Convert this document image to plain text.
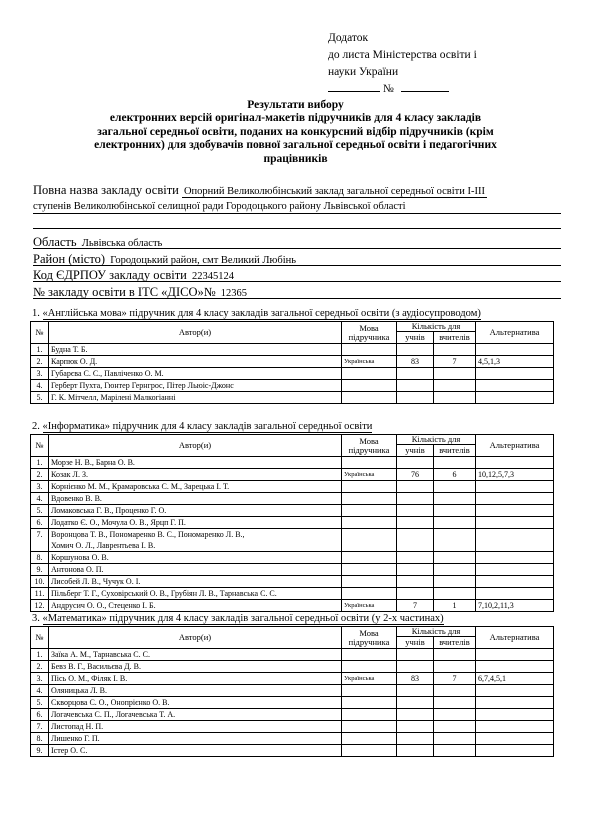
Додаток
до листа Міністерства освіти і
науки України
№
Результати вибору
електронних версій оригінал-макетів підручників для 4 класу закладів
загальної середньої освіти, поданих на конкурсний відбір підручників (крім
електронних) для здобувачів повної загальної середньої освіти і педагогічних
працівників
Повна назва закладу освіти Опорний Великолюбінський заклад загальної середньої освіти I-III
ступенів Великолюбінської селищної ради Городоцького району Львівської області
Область Львівська область
Район (місто) Городоцький район, смт Великий Любінь
Код ЄДРПОУ закладу освіти 22345124
№ закладу освіти в ІТС «ДІСО»№ 12365
1. «Англійська мова» підручник для 4 класу закладів загальної середньої освіти (з аудіосупроводом)
№	Автор(и)	Мова
підручника	Кількість для		Альтернатива
			учнів	вчителів	
1.	Будна Т. Б.				
2.	Карпюк О. Д.	Українська	83	7	4,5,1,3
3.	Губарєва С. С., Павліченко О. М.				
4.	Герберт Пухта, Гюнтер Гернгрос, Пітер Льюіс-Джонс				
5.	Г. К. Мітчелл, Марілені Малкогіанні				
2. «Інформатика» підручник для 4 класу закладів загальної середньої освіти
№	Автор(и)	Мова
підручника	Кількість для		Альтернатива
			учнів	вчителів	
1.	Морзе Н. В., Барна О. В.				
2.	Козак Л. З.	Українська	76	6	10,12,5,7,3
3.	Корнієнко М. М., Крамаровська С. М., Зарецька І. Т.				
4.	Вдовенко В. В.				
5.	Ломаковська Г. В., Проценко Г. О.				
6.	Лодатко Є. О., Мочула О. В., Ярцп Г. П.				
7.	Воронцова Т. В., Пономаренко В. С., Пономаренко Л. В.,
Хомич О. Л., Лаврентьева І. В.				

8.	Коршунова О. В.				
9.	Антонова О. П.				
10.	Лисобей Л. В., Чучук О. І.				
11.	Пільберг Т. Г., Суховірський О. В., Грубіян Л. В., Тарнавська С. С.				
12.	Андрусич О. О., Стеценко І. Б.	Українська	7	1	7,10,2,11,3
3. «Математика» підручник для 4 класу закладів загальної середньої освіти (у 2-х частинах)
№	Автор(и)	Мова
підручника	Кількість для		Альтернатива
			учнів	вчителів	
1.	Заїка А. М., Тарнавська С. С.				
2.	Бевз В. Г., Васильєва Д. В.				
3.	Пісь О. М., Філяк І. В.	Українська	83	7	6,7,4,5,1
4.	Оляницька Л. В.				
5.	Скворцова С. О., Онопрієнко О. В.				
6.	Логачевська С. П., Логачевська Т. А.				
7.	Листопад Н. П.				
8.	Лишенко Г. П.				
9.	Істер О. С.				
